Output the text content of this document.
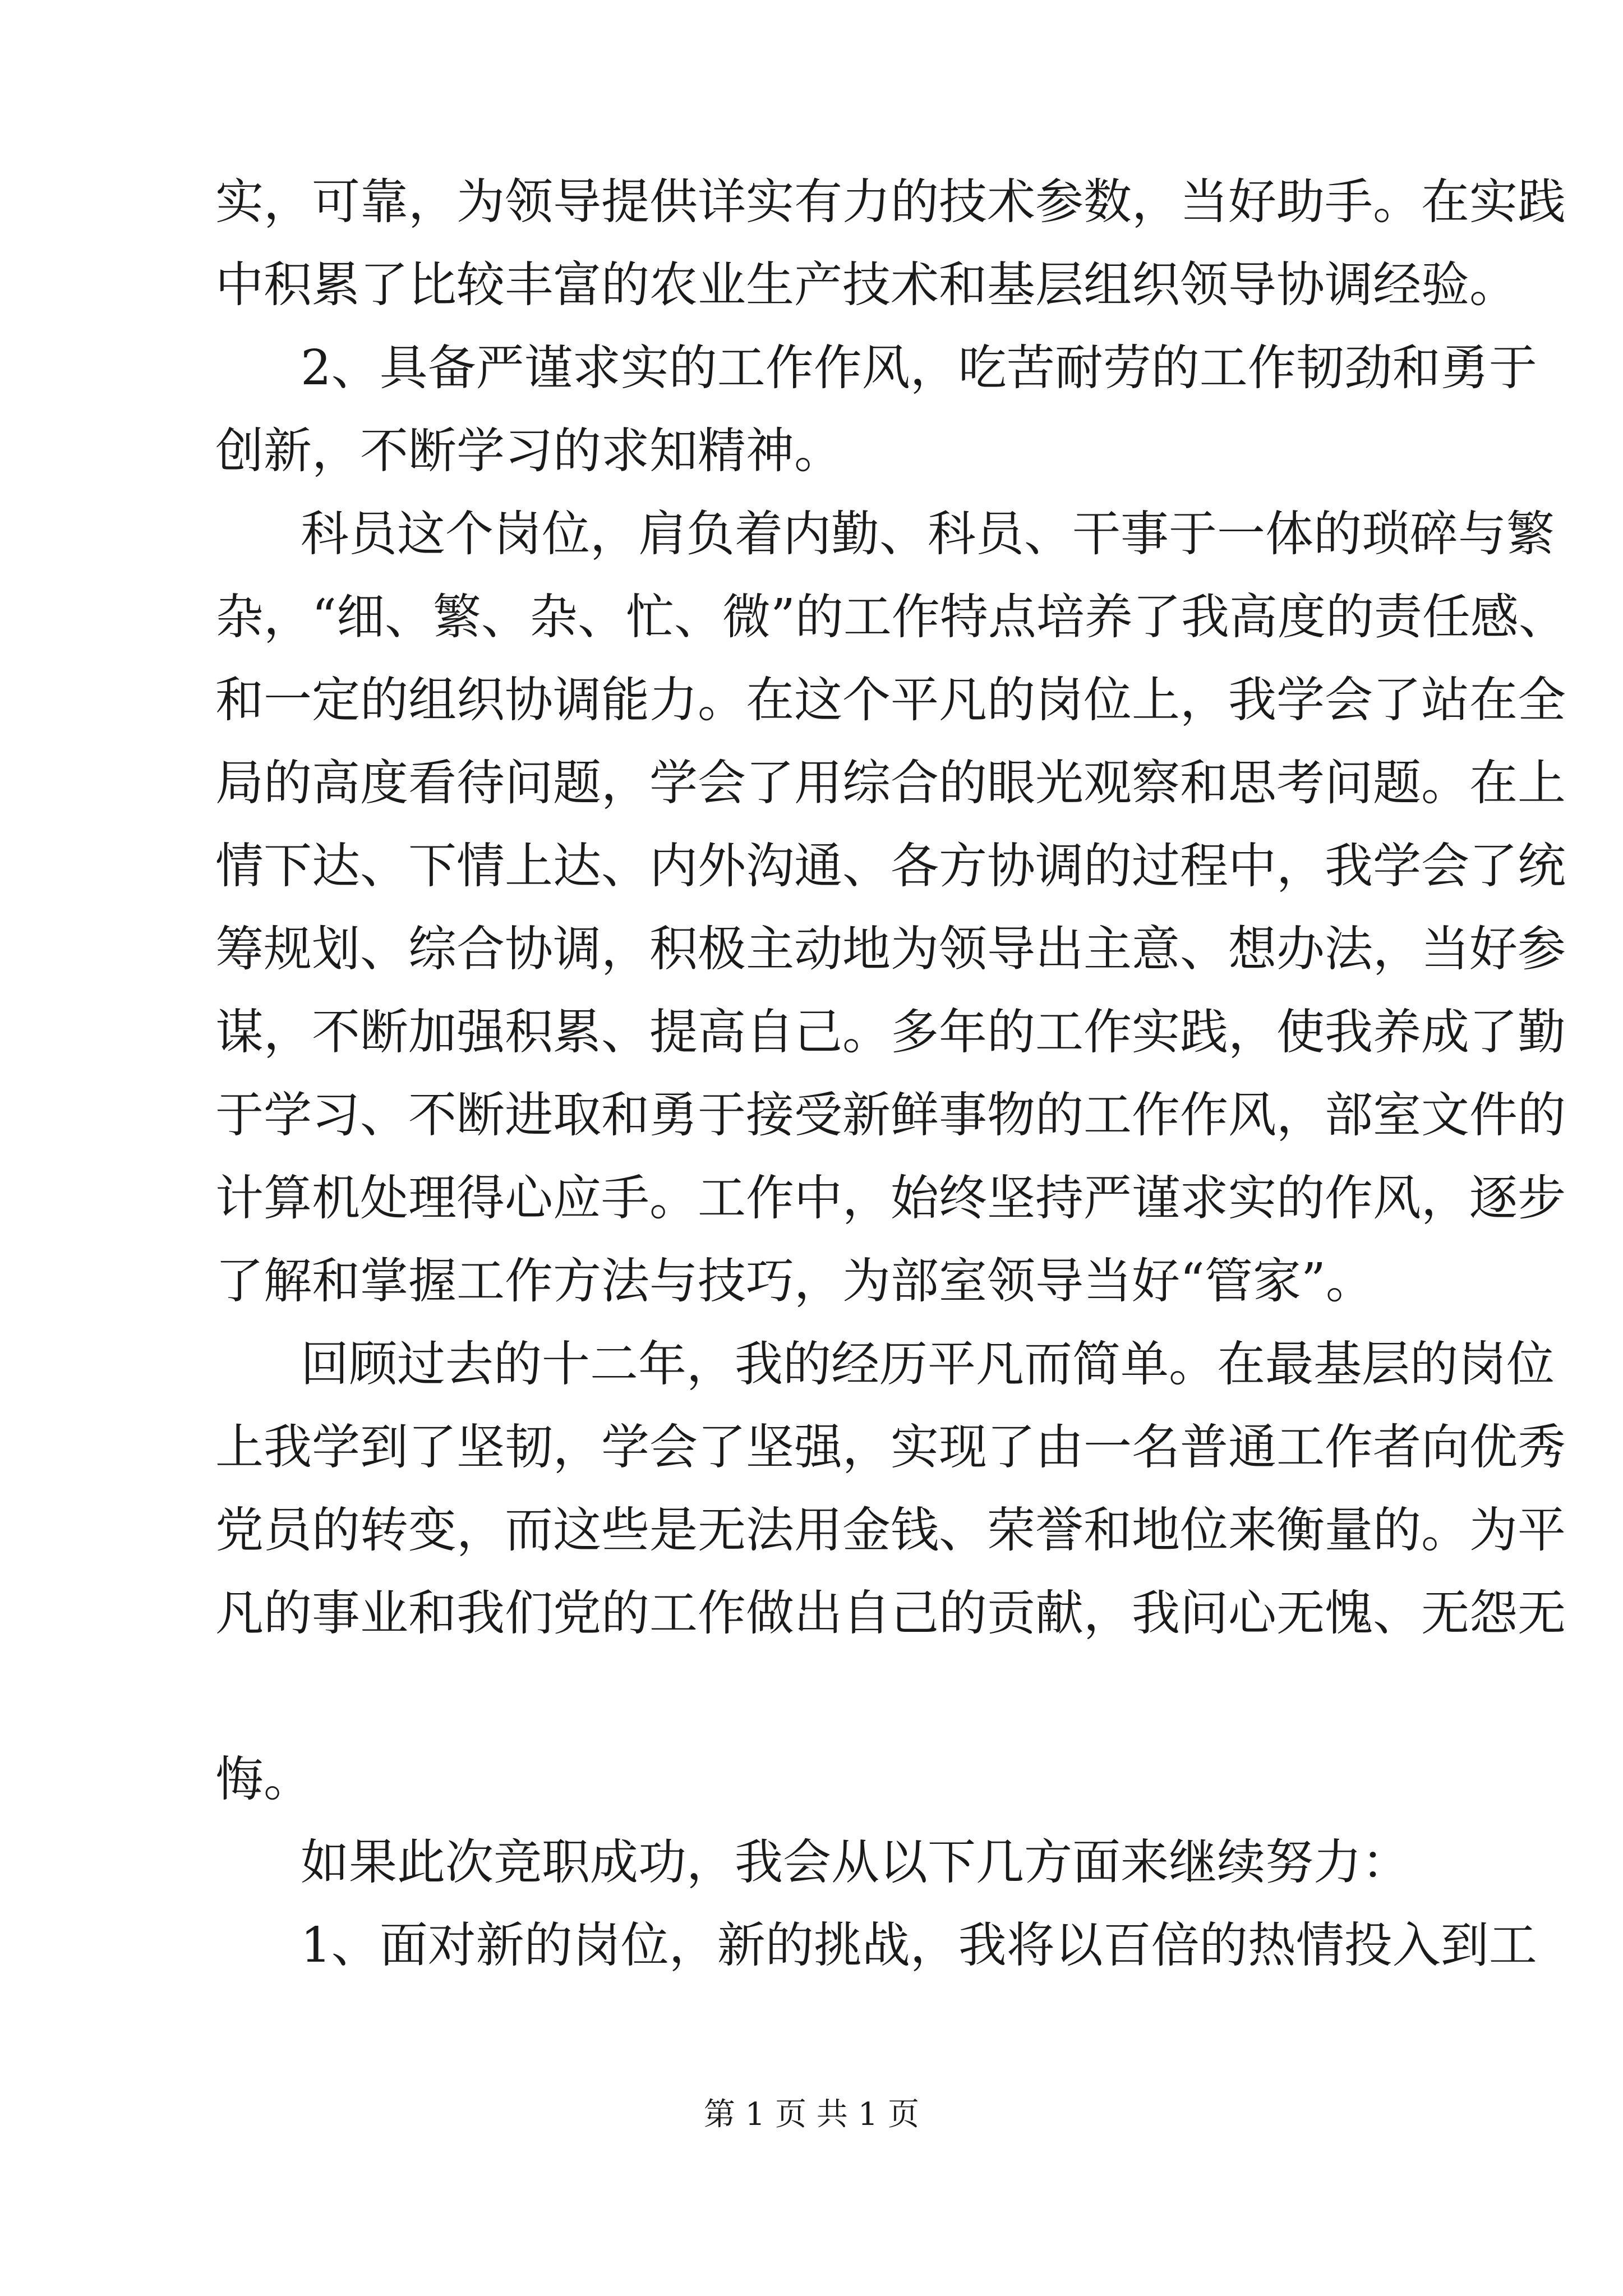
实，可靠，为领导提供详实有力的技术参数，当好助手。在实践
中积累了比较丰富的农业生产技术和基层组织领导协调经验。
2、具备严谨求实的工作作风，吃苦耐劳的工作韧劲和勇于
创新，不断学习的求知精神。
科员这个岗位，肩负着内勤、科员、干事于一体的琐碎与繁
杂，“细、繁、杂、忙、微”的工作特点培养了我高度的责任感、
和一定的组织协调能力。在这个平凡的岗位上，我学会了站在全
局的高度看待问题，学会了用综合的眼光观察和思考问题。在上
情下达、下情上达、内外沟通、各方协调的过程中，我学会了统
筹规划、综合协调，积极主动地为领导出主意、想办法，当好参
谋，不断加强积累、提高自己。多年的工作实践，使我养成了勤
于学习、不断进取和勇于接受新鲜事物的工作作风，部室文件的
计算机处理得心应手。工作中，始终坚持严谨求实的作风，逐步
了解和掌握工作方法与技巧，为部室领导当好“管家”。
回顾过去的十二年，我的经历平凡而简单。在最基层的岗位
上我学到了坚韧，学会了坚强，实现了由一名普通工作者向优秀
党员的转变，而这些是无法用金钱、荣誉和地位来衡量的。为平
凡的事业和我们党的工作做出自己的贡献，我问心无愧、无怨无
悔。
如果此次竞职成功，我会从以下几方面来继续努力：
1、面对新的岗位，新的挑战，我将以百倍的热情投入到工
第 1 页 共 1 页
